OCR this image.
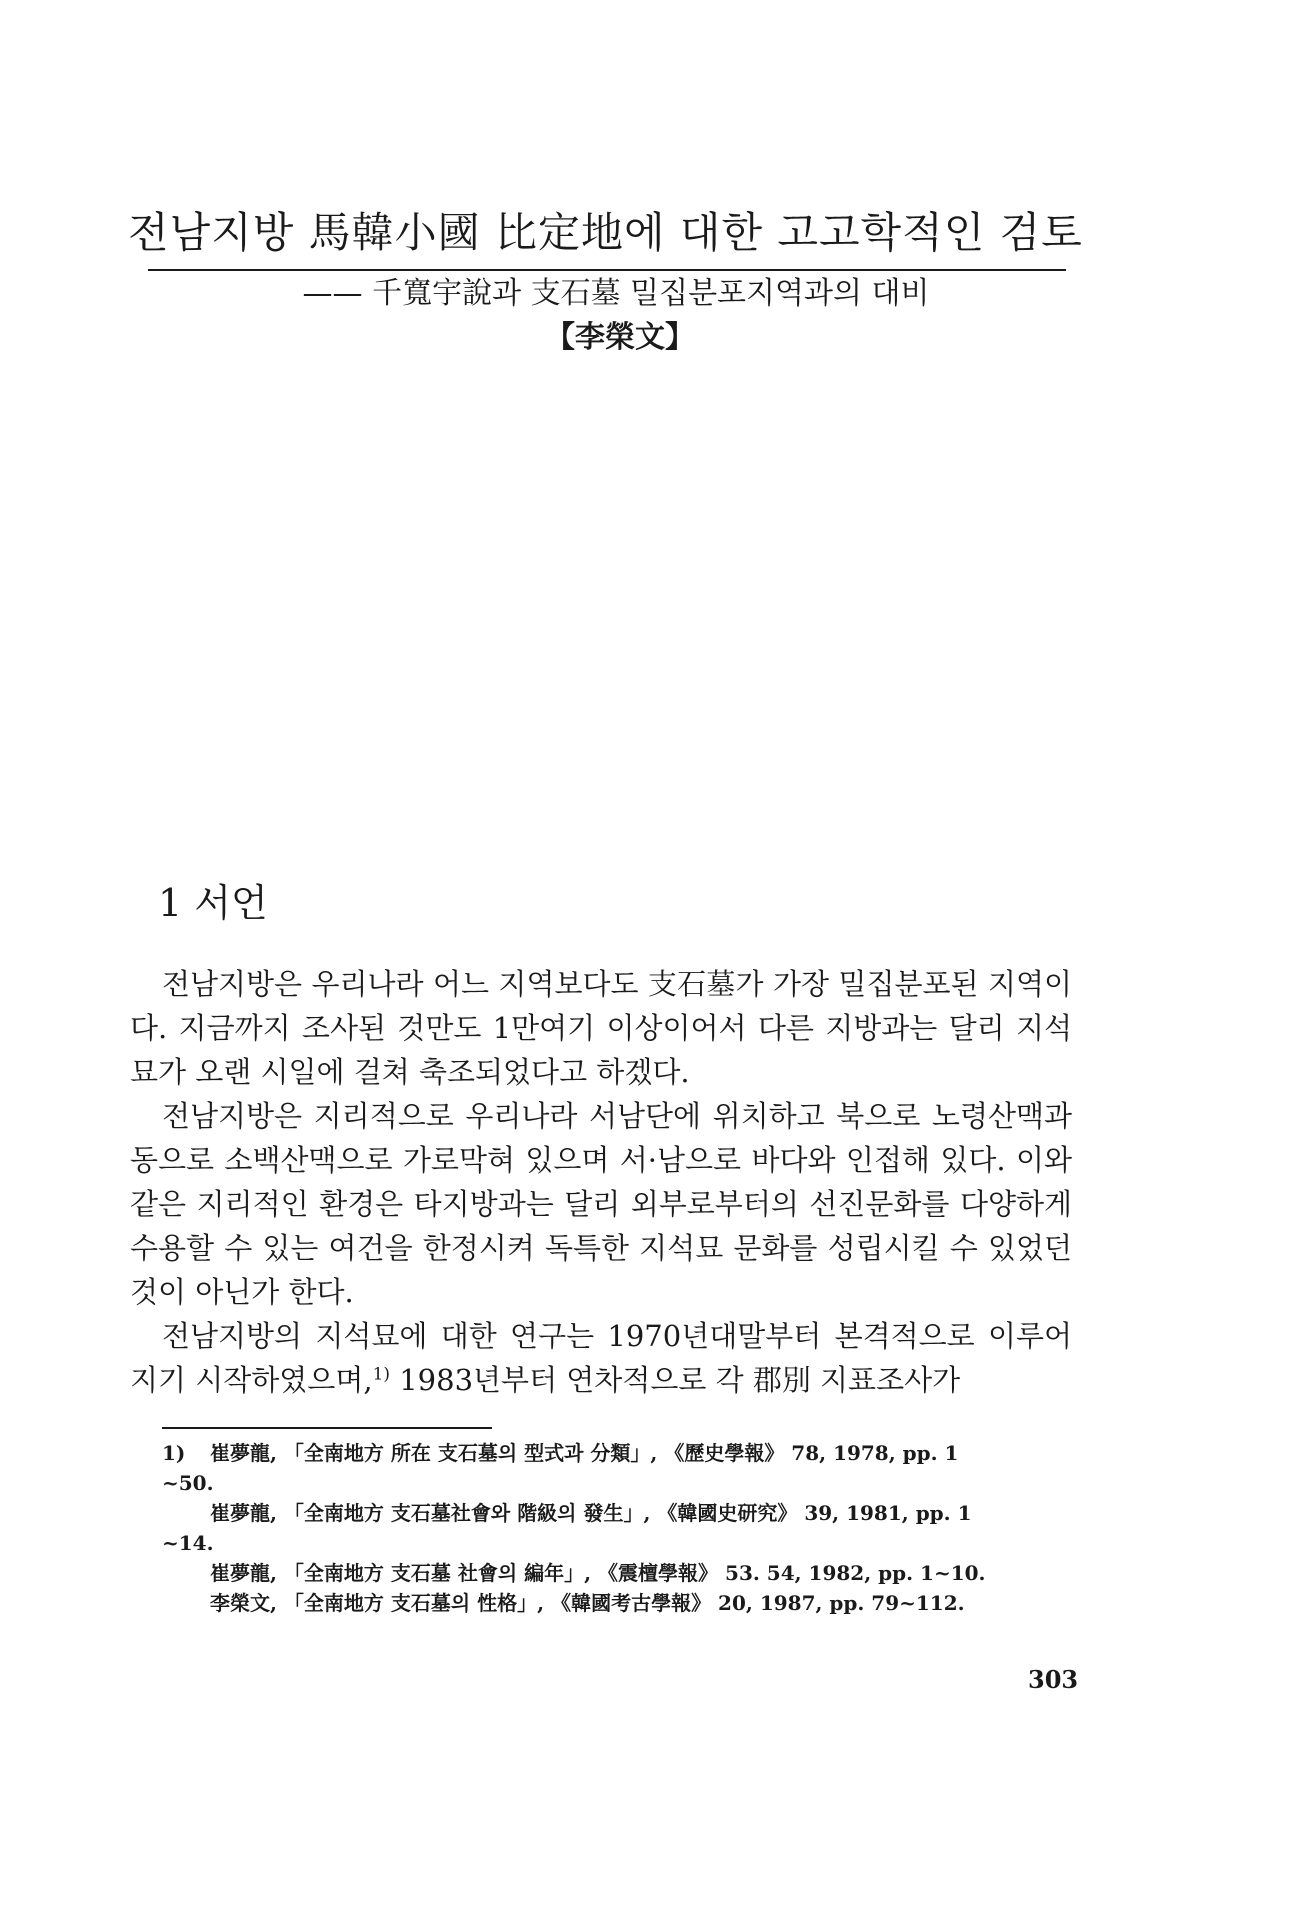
전남지방 馬韓小國 比定地에 대한 고고학적인 검토
—— 千寬宇說과 支石墓 밀집분포지역과의 대비
【李榮文】
1 서언

전남지방은 우리나라 어느 지역보다도 支石墓가 가장 밀집분포된 지역이다. 지금까지 조사된 것만도 1만여기 이상이어서 다른 지방과는 달리 지석묘가 오랜 시일에 걸쳐 축조되었다고 하겠다.

전남지방은 지리적으로 우리나라 서남단에 위치하고 북으로 노령산맥과 동으로 소백산맥으로 가로막혀 있으며 서·남으로 바다와 인접해 있다. 이와 같은 지리적인 환경은 타지방과는 달리 외부로부터의 선진문화를 다양하게 수용할 수 있는 여건을 한정시켜 독특한 지석묘 문화를 성립시킬 수 있었던 것이 아닌가 한다.

전남지방의 지석묘에 대한 연구는 1970년대말부터 본격적으로 이루어지기 시작하였으며,$^{1)}$ 1983년부터 연차적으로 각 郡別 지표조사가

1) 崔夢龍, 「全南地方 所在 支石墓의 型式과 分類」, 《歷史學報》 78, 1978, pp. 1

~50.

崔夢龍, 「全南地方 支石墓社會와 階級의 發生」, 《韓國史研究》 39, 1981, pp. 1

~14.

崔夢龍, 「全南地方 支石墓 社會의 編年」, 《震檀學報》 53. 54, 1982, pp. 1~10.

李榮文, 「全南地方 支石墓의 性格」, 《韓國考古學報》 20, 1987, pp. 79~112.

303
